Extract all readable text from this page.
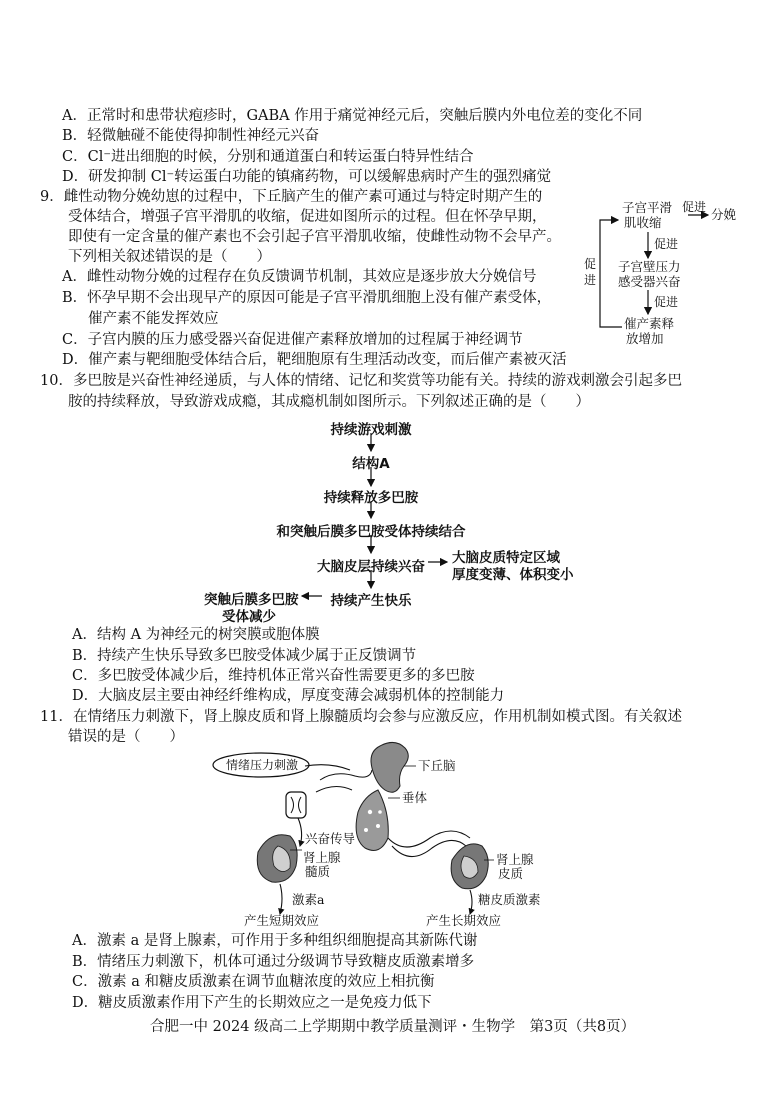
A．正常时和患带状疱疹时，GABA 作用于痛觉神经元后，突触后膜内外电位差的变化不同
B．轻微触碰不能使得抑制性神经元兴奋
C．Cl⁻进出细胞的时候，分别和通道蛋白和转运蛋白特异性结合
D．研发抑制 Cl⁻转运蛋白功能的镇痛药物，可以缓解患病时产生的强烈痛觉
9．雌性动物分娩幼崽的过程中，下丘脑产生的催产素可通过与特定时期产生的
受体结合，增强子宫平滑肌的收缩，促进如图所示的过程。但在怀孕早期，
即使有一定含量的催产素也不会引起子宫平滑肌收缩，使雌性动物不会早产。
下列相关叙述错误的是（　　）
A．雌性动物分娩的过程存在负反馈调节机制，其效应是逐步放大分娩信号
B．怀孕早期不会出现早产的原因可能是子宫平滑肌细胞上没有催产素受体，
催产素不能发挥效应
C．子宫内膜的压力感受器兴奋促进催产素释放增加的过程属于神经调节
D．催产素与靶细胞受体结合后，靶细胞原有生理活动改变，而后催产素被灭活
子宫平滑
肌收缩
促进 分娩
促进
子宫壁压力
感受器兴奋
促进
催产素释
放增加
促
进
10．多巴胺是兴奋性神经递质，与人体的情绪、记忆和奖赏等功能有关。持续的游戏刺激会引起多巴
胺的持续释放，导致游戏成瘾，其成瘾机制如图所示。下列叙述正确的是（　　）
持续游戏刺激
结构A
持续释放多巴胺
和突触后膜多巴胺受体持续结合
大脑皮层持续兴奋
大脑皮质特定区域
厚度变薄、体积变小
持续产生快乐
突触后膜多巴胺
受体减少
A．结构 A 为神经元的树突膜或胞体膜
B．持续产生快乐导致多巴胺受体减少属于正反馈调节
C．多巴胺受体减少后，维持机体正常兴奋性需要更多的多巴胺
D．大脑皮层主要由神经纤维构成，厚度变薄会减弱机体的控制能力
11．在情绪压力刺激下，肾上腺皮质和肾上腺髓质均会参与应激反应，作用机制如模式图。有关叙述
错误的是（　　）
情绪压力刺激	下丘脑
垂体
兴奋传导
肾上腺
髓质
肾上腺
皮质
激素a	糖皮质激素
产生短期效应	产生长期效应
A．激素 a 是肾上腺素，可作用于多种组织细胞提高其新陈代谢
B．情绪压力刺激下，机体可通过分级调节导致糖皮质激素增多
C．激素 a 和糖皮质激素在调节血糖浓度的效应上相抗衡
D．糖皮质激素作用下产生的长期效应之一是免疫力低下
合肥一中 2024 级高二上学期期中教学质量测评・生物学　第3页（共8页）
